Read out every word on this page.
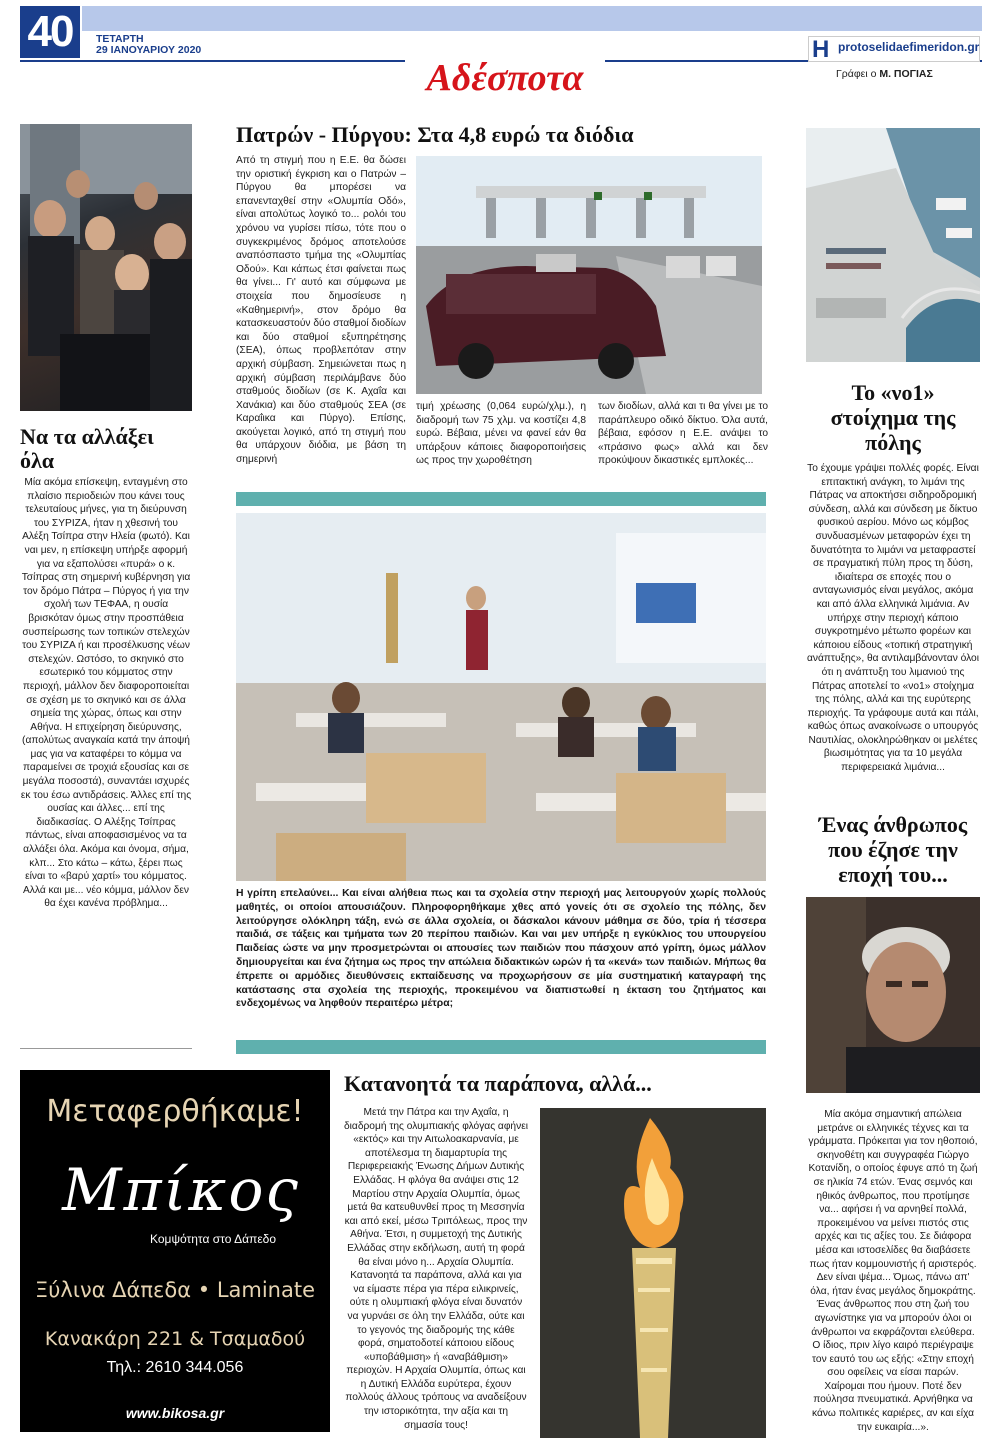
40	ΤΕΤΑΡΤΗ
29 ΙΑΝΟΥΑΡΙΟΥ 2020
Αδέσποτα
Η protoselidaefimeridon.gr
Γράφει ο Μ. ΠΟΓΙΑΣ
Να τα αλλάξει όλα

Μία ακόμα επίσκεψη, ενταγμένη στο πλαίσιο περιοδειών που κάνει τους τελευταίους μήνες, για τη διεύρυνση του ΣΥΡΙΖΑ, ήταν η χθεσινή του Αλέξη Τσίπρα στην Ηλεία (φωτό). Και ναι μεν, η επίσκεψη υπήρξε αφορμή για να εξαπολύσει «πυρά» ο κ. Τσίπρας στη σημερινή κυβέρνηση για τον δρόμο Πάτρα – Πύργος ή για την σχολή των ΤΕΦΑΑ, η ουσία βρισκόταν όμως στην προσπάθεια συσπείρωσης των τοπικών στελεχών του ΣΥΡΙΖΑ ή και προσέλκυσης νέων στελεχών. Ωστόσο, το σκηνικό στο εσωτερικό του κόμματος στην περιοχή, μάλλον δεν διαφοροποιείται σε σχέση με το σκηνικό και σε άλλα σημεία της χώρας, όπως και στην Αθήνα. Η επιχείρηση διεύρυνσης, (απολύτως αναγκαία κατά την άποψή μας για να καταφέρει το κόμμα να παραμείνει σε τροχιά εξουσίας και σε μεγάλα ποσοστά), συναντάει ισχυρές εκ του έσω αντιδράσεις. Άλλες επί της ουσίας και άλλες... επί της διαδικασίας. Ο Αλέξης Τσίπρας πάντως, είναι αποφασισμένος να τα αλλάξει όλα. Ακόμα και όνομα, σήμα, κλπ... Στο κάτω – κάτω, ξέρει πως είναι το «βαρύ χαρτί» του κόμματος. Αλλά και με... νέο κόμμα, μάλλον δεν θα έχει κανένα πρόβλημα...

Πατρών - Πύργου: Στα 4,8 ευρώ τα διόδια

Από τη στιγμή που η Ε.Ε. θα δώσει την οριστική έγκριση και ο Πατρών – Πύργου θα μπορέσει να επανενταχθεί στην «Ολυμπία Οδό», είναι απολύτως λογικό το... ρολόι του χρόνου να γυρίσει πίσω, τότε που ο συγκεκριμένος δρόμος αποτελούσε αναπόσπαστο τμήμα της «Ολυμπίας Οδού». Και κάπως έτσι φαίνεται πως θα γίνει... Γι' αυτό και σύμφωνα με στοιχεία που δημοσίευσε η «Καθημερινή», στον δρόμο θα κατασκευαστούν δύο σταθμοί διοδίων και δύο σταθμοί εξυπηρέτησης (ΣΕΑ), όπως προβλεπόταν στην αρχική σύμβαση. Σημειώνεται πως η αρχική σύμβαση περιλάμβανε δύο σταθμούς διοδίων (σε Κ. Αχαΐα και Χανάκια) και δύο σταθμούς ΣΕΑ (σε Καραΐικα και Πύργο). Επίσης, ακούγεται λογικό, από τη στιγμή που θα υπάρχουν διόδια, με βάση τη σημερινή

τιμή χρέωσης (0,064 ευρώ/χλμ.), η διαδρομή των 75 χλμ. να κοστίζει 4,8 ευρώ. Βέβαια, μένει να φανεί εάν θα υπάρξουν κάποιες διαφοροποιήσεις ως προς την χωροθέτηση

των διοδίων, αλλά και τι θα γίνει με το παράπλευρο οδικό δίκτυο. Όλα αυτά, βέβαια, εφόσον η Ε.Ε. ανάψει το «πράσινο φως» αλλά και δεν προκύψουν δικαστικές εμπλοκές...

Η γρίπη επελαύνει... Και είναι αλήθεια πως και τα σχολεία στην περιοχή μας λειτουργούν χωρίς πολλούς μαθητές, οι οποίοι απουσιάζουν. Πληροφορηθήκαμε χθες από γονείς ότι σε σχολείο της πόλης, δεν λειτούργησε ολόκληρη τάξη, ενώ σε άλλα σχολεία, οι δάσκαλοι κάνουν μάθημα σε δύο, τρία ή τέσσερα παιδιά, σε τάξεις και τμήματα των 20 περίπου παιδιών. Και ναι μεν υπήρξε η εγκύκλιος του υπουργείου Παιδείας ώστε να μην προσμετρώνται οι απουσίες των παιδιών που πάσχουν από γρίπη, όμως μάλλον δημιουργείται και ένα ζήτημα ως προς την απώλεια διδακτικών ωρών ή τα «κενά» των παιδιών. Μήπως θα έπρεπε οι αρμόδιες διευθύνσεις εκπαίδευσης να προχωρήσουν σε μία συστηματική καταγραφή της κατάστασης στα σχολεία της περιοχής, προκειμένου να διαπιστωθεί η έκταση του ζητήματος και ενδεχομένως να ληφθούν περαιτέρω μέτρα;

Το «νο1» στοίχημα της πόλης

Το έχουμε γράψει πολλές φορές. Είναι επιτακτική ανάγκη, το λιμάνι της Πάτρας να αποκτήσει σιδηροδρομική σύνδεση, αλλά και σύνδεση με δίκτυο φυσικού αερίου. Μόνο ως κόμβος συνδυασμένων μεταφορών έχει τη δυνατότητα το λιμάνι να μεταφραστεί σε πραγματική πύλη προς τη δύση, ιδιαίτερα σε εποχές που ο ανταγωνισμός είναι μεγάλος, ακόμα και από άλλα ελληνικά λιμάνια. Αν υπήρχε στην περιοχή κάποιο συγκροτημένο μέτωπο φορέων και κάποιου είδους «τοπική στρατηγική ανάπτυξης», θα αντιλαμβάνονταν όλοι ότι η ανάπτυξη του λιμανιού της Πάτρας αποτελεί το «νο1» στοίχημα της πόλης, αλλά και της ευρύτερης περιοχής. Τα γράφουμε αυτά και πάλι, καθώς όπως ανακοίνωσε ο υπουργός Ναυτιλίας, ολοκληρώθηκαν οι μελέτες βιωσιμότητας για τα 10 μεγάλα περιφερειακά λιμάνια...

Ένας άνθρωπος που έζησε την εποχή του...

Μία ακόμα σημαντική απώλεια μετράνε οι ελληνικές τέχνες και τα γράμματα. Πρόκειται για τον ηθοποιό, σκηνοθέτη και συγγραφέα Γιώργο Κοτανίδη, ο οποίος έφυγε από τη ζωή σε ηλικία 74 ετών. Ένας σεμνός και ηθικός άνθρωπος, που προτίμησε να... αφήσει ή να αρνηθεί πολλά, προκειμένου να μείνει πιστός στις αρχές και τις αξίες του. Σε διάφορα μέσα και ιστοσελίδες θα διαβάσετε πως ήταν κομμουνιστής ή αριστερός. Δεν είναι ψέμα... Όμως, πάνω απ' όλα, ήταν ένας μεγάλος δημοκράτης. Ένας άνθρωπος που στη ζωή του αγωνίστηκε για να μπορούν όλοι οι άνθρωποι να εκφράζονται ελεύθερα. Ο ίδιος, πριν λίγο καιρό περιέγραψε τον εαυτό του ως εξής: «Στην εποχή σου οφείλεις να είσαι παρών. Χαίρομαι που ήμουν. Ποτέ δεν πούλησα πνευματικά. Αρνήθηκα να κάνω πολιτικές καριέρες, αν και είχα την ευκαιρία...».

Μεταφερθήκαμε!
Μπίκος
Κομψότητα στο Δάπεδο
Ξύλινα Δάπεδα • Laminate
Κανακάρη 221 & Τσαμαδού
Τηλ.: 2610 344.056
www.bikosa.gr
Κατανοητά τα παράπονα, αλλά...

Μετά την Πάτρα και την Αχαΐα, η διαδρομή της ολυμπιακής φλόγας αφήνει «εκτός» και την Αιτωλοακαρνανία, με αποτέλεσμα τη διαμαρτυρία της Περιφερειακής Ένωσης Δήμων Δυτικής Ελλάδας. Η φλόγα θα ανάψει στις 12 Μαρτίου στην Αρχαία Ολυμπία, όμως μετά θα κατευθυνθεί προς τη Μεσσηνία και από εκεί, μέσω Τριπόλεως, προς την Αθήνα. Έτσι, η συμμετοχή της Δυτικής Ελλάδας στην εκδήλωση, αυτή τη φορά θα είναι μόνο η... Αρχαία Ολυμπία. Κατανοητά τα παράπονα, αλλά και για να είμαστε πέρα για πέρα ειλικρινείς, ούτε η ολυμπιακή φλόγα είναι δυνατόν να γυρνάει σε όλη την Ελλάδα, ούτε και το γεγονός της διαδρομής της κάθε φορά, σηματοδοτεί κάποιου είδους «υποβάθμιση» ή «αναβάθμιση» περιοχών. Η Αρχαία Ολυμπία, όπως και η Δυτική Ελλάδα ευρύτερα, έχουν πολλούς άλλους τρόπους να αναδείξουν την ιστορικότητα, την αξία και τη σημασία τους!
